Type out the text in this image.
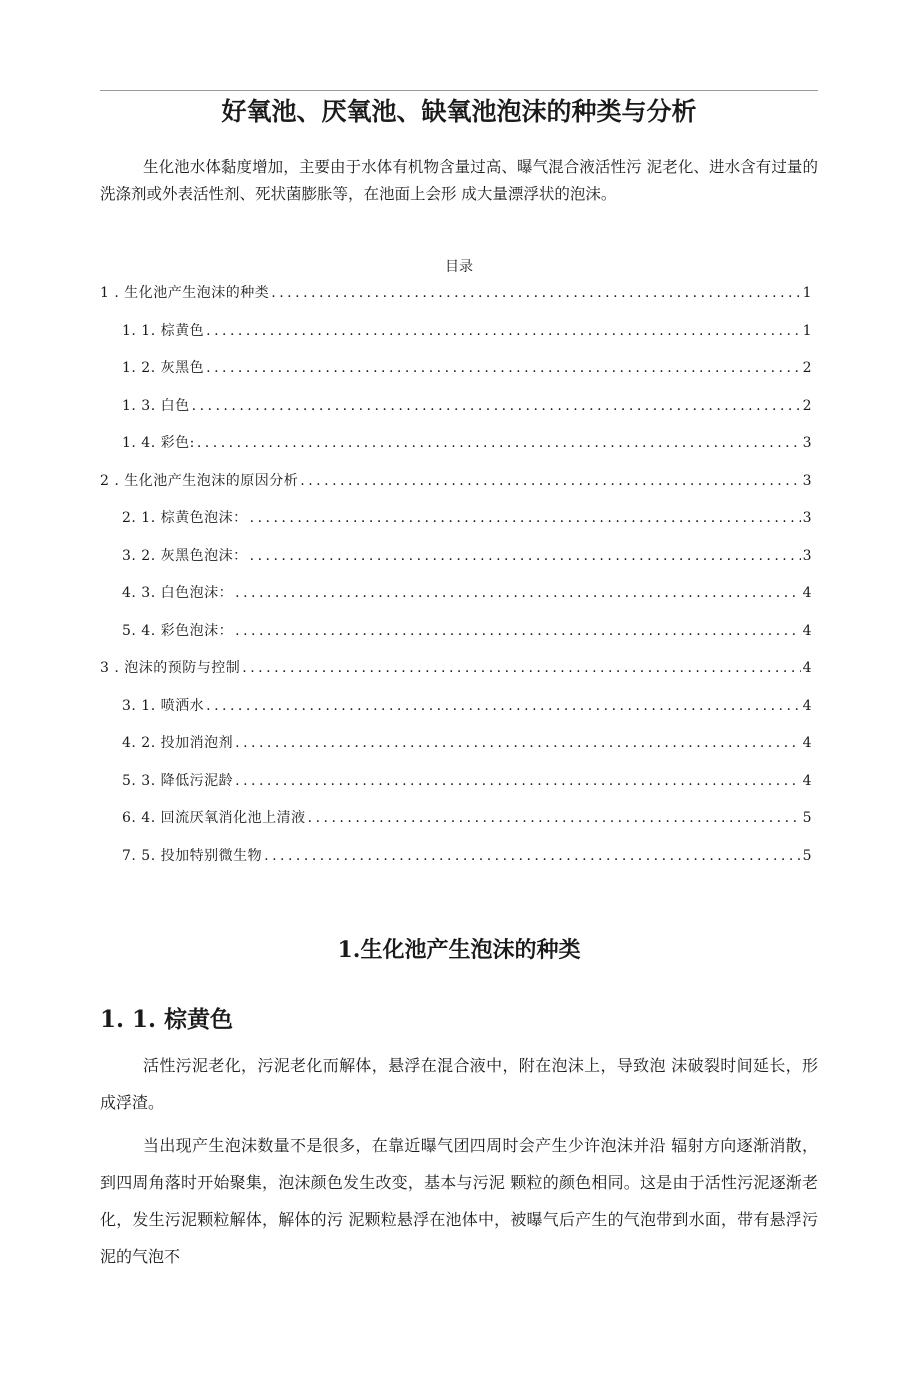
好氧池、厌氧池、缺氧池泡沫的种类与分析

生化池水体黏度增加，主要由于水体有机物含量过高、曝气混合液活性污 泥老化、进水含有过量的洗涤剂或外表活性剂、死状菌膨胀等，在池面上会形 成大量漂浮状的泡沫。

目录
1 . 生化池产生泡沫的种类 .....	1
1. 1. 棕黄色 .....	1
1. 2. 灰黑色 .....	2
1. 3. 白色 .....	2
1. 4. 彩色: .....	3
2 . 生化池产生泡沫的原因分析 .....	3
2. 1. 棕黄色泡沫： .....	3
3. 2. 灰黑色泡沫： .....	3
4. 3. 白色泡沫： .....	4
5. 4. 彩色泡沫： .....	4
3 . 泡沫的预防与控制 .....	4
3. 1. 喷洒水 .....	4
4. 2. 投加消泡剂 .....	4
5. 3. 降低污泥龄 .....	4
6. 4. 回流厌氧消化池上清液 .....	5
7. 5. 投加特别微生物 .....	5
1.生化池产生泡沫的种类
1. 1. 棕黄色

活性污泥老化，污泥老化而解体，悬浮在混合液中，附在泡沫上，导致泡 沫破裂时间延长，形成浮渣。

当出现产生泡沫数量不是很多，在靠近曝气团四周时会产生少许泡沫并沿 辐射方向逐渐消散，到四周角落时开始聚集，泡沫颜色发生改变，基本与污泥 颗粒的颜色相同。这是由于活性污泥逐渐老化，发生污泥颗粒解体，解体的污 泥颗粒悬浮在池体中，被曝气后产生的气泡带到水面，带有悬浮污泥的气泡不
